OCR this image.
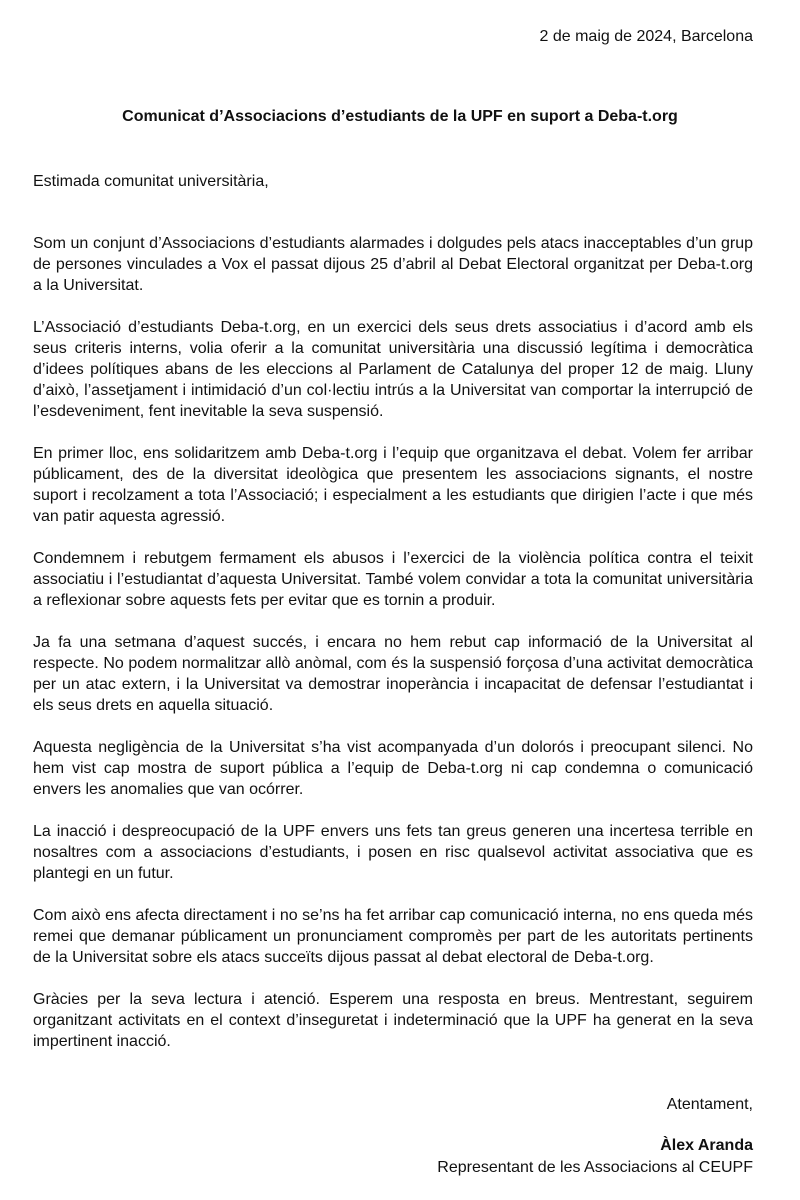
2 de maig de 2024, Barcelona
Comunicat d’Associacions d’estudiants de la UPF en suport a Deba-t.org
Estimada comunitat universitària,

Som un conjunt d’Associacions d’estudiants alarmades i dolgudes pels atacs inacceptables d’un grup de persones vinculades a Vox el passat dijous 25 d’abril al Debat Electoral organitzat per Deba-t.org a la Universitat.

L’Associació d’estudiants Deba-t.org, en un exercici dels seus drets associatius i d’acord amb els seus criteris interns, volia oferir a la comunitat universitària una discussió legítima i democràtica d’idees polítiques abans de les eleccions al Parlament de Catalunya del proper 12 de maig. Lluny d’això, l’assetjament i intimidació d’un col·lectiu intrús a la Universitat van comportar la interrupció de l’esdeveniment, fent inevitable la seva suspensió.

En primer lloc, ens solidaritzem amb Deba-t.org i l’equip que organitzava el debat. Volem fer arribar públicament, des de la diversitat ideològica que presentem les associacions signants, el nostre suport i recolzament a tota l’Associació; i especialment a les estudiants que dirigien l’acte i que més van patir aquesta agressió.

Condemnem i rebutgem fermament els abusos i l’exercici de la violència política contra el teixit associatiu i l’estudiantat d’aquesta Universitat. També volem convidar a tota la comunitat universitària a reflexionar sobre aquests fets per evitar que es tornin a produir.

Ja fa una setmana d’aquest succés, i encara no hem rebut cap informació de la Universitat al respecte. No podem normalitzar allò anòmal, com és la suspensió forçosa d’una activitat democràtica per un atac extern, i la Universitat va demostrar inoperància i incapacitat de defensar l’estudiantat i els seus drets en aquella situació.

Aquesta negligència de la Universitat s’ha vist acompanyada d’un dolorós i preocupant silenci. No hem vist cap mostra de suport pública a l’equip de Deba-t.org ni cap condemna o comunicació envers les anomalies que van ocórrer.

La inacció i despreocupació de la UPF envers uns fets tan greus generen una incertesa terrible en nosaltres com a associacions d’estudiants, i posen en risc qualsevol activitat associativa que es plantegi en un futur.

Com això ens afecta directament i no se’ns ha fet arribar cap comunicació interna, no ens queda més remei que demanar públicament un pronunciament compromès per part de les autoritats pertinents de la Universitat sobre els atacs succeïts dijous passat al debat electoral de Deba-t.org.

Gràcies per la seva lectura i atenció. Esperem una resposta en breus. Mentrestant, seguirem organitzant activitats en el context d’inseguretat i indeterminació que la UPF ha generat en la seva impertinent inacció.

Atentament,
Àlex Aranda
Representant de les Associacions al CEUPF
